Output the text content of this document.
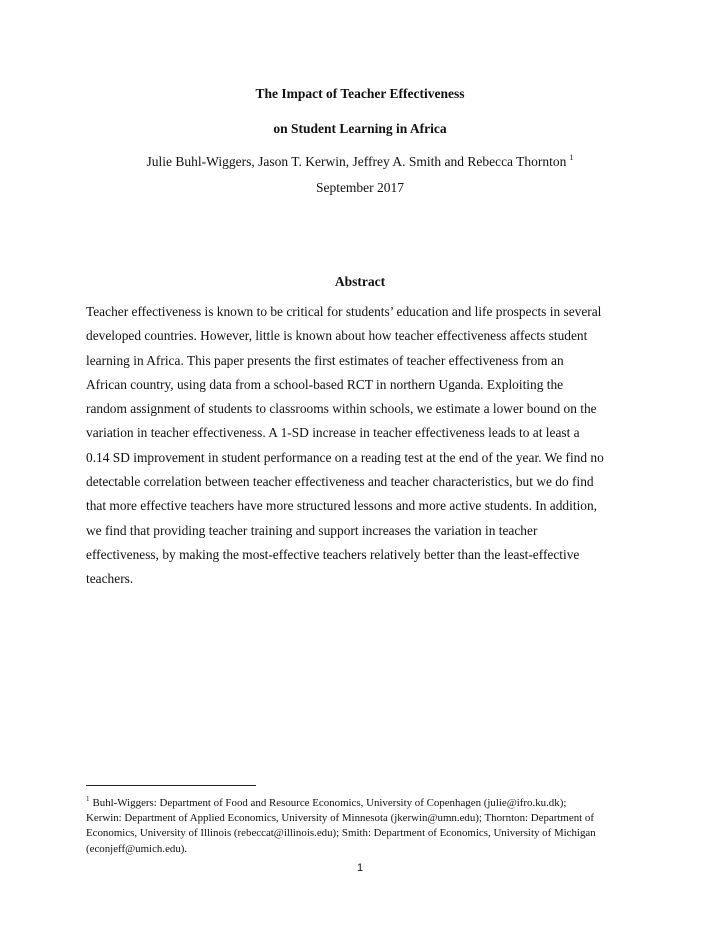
The Impact of Teacher Effectiveness
on Student Learning in Africa
Julie Buhl-Wiggers, Jason T. Kerwin, Jeffrey A. Smith and Rebecca Thornton $^1$
September 2017
Abstract

Teacher effectiveness is known to be critical for students’ education and life prospects in several
developed countries. However, little is known about how teacher effectiveness affects student
learning in Africa. This paper presents the first estimates of teacher effectiveness from an
African country, using data from a school-based RCT in northern Uganda. Exploiting the
random assignment of students to classrooms within schools, we estimate a lower bound on the
variation in teacher effectiveness. A 1-SD increase in teacher effectiveness leads to at least a
0.14 SD improvement in student performance on a reading test at the end of the year. We find no
detectable correlation between teacher effectiveness and teacher characteristics, but we do find
that more effective teachers have more structured lessons and more active students. In addition,
we find that providing teacher training and support increases the variation in teacher
effectiveness, by making the most-effective teachers relatively better than the least-effective
teachers.

$^1$ Buhl-Wiggers: Department of Food and Resource Economics, University of Copenhagen (julie@ifro.ku.dk);
Kerwin: Department of Applied Economics, University of Minnesota (jkerwin@umn.edu); Thornton: Department of
Economics, University of Illinois (rebeccat@illinois.edu); Smith: Department of Economics, University of Michigan
(econjeff@umich.edu).
1
